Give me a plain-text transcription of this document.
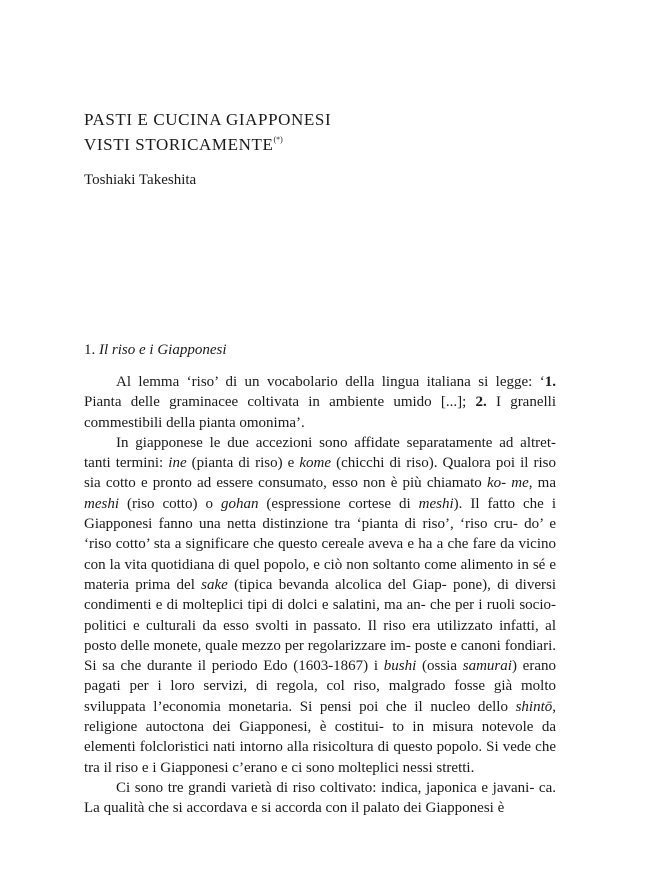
PASTI E CUCINA GIAPPONESI
VISTI STORICAMENTE(*)

Toshiaki Takeshita

1. Il riso e i Giapponesi

Al lemma ‘riso’ di un vocabolario della lingua italiana si legge: ‘1. Pianta delle graminacee coltivata in ambiente umido [...]; 2. I granelli commestibili della pianta omonima’.

In giapponese le due accezioni sono affidate separatamente ad altret- tanti termini: ine (pianta di riso) e kome (chicchi di riso). Qualora poi il riso sia cotto e pronto ad essere consumato, esso non è più chiamato ko- me, ma meshi (riso cotto) o gohan (espressione cortese di meshi). Il fatto che i Giapponesi fanno una netta distinzione tra ‘pianta di riso’, ‘riso cru- do’ e ‘riso cotto’ sta a significare che questo cereale aveva e ha a che fare da vicino con la vita quotidiana di quel popolo, e ciò non soltanto come alimento in sé e materia prima del sake (tipica bevanda alcolica del Giap- pone), di diversi condimenti e di molteplici tipi di dolci e salatini, ma an- che per i ruoli socio-politici e culturali da esso svolti in passato. Il riso era utilizzato infatti, al posto delle monete, quale mezzo per regolarizzare im- poste e canoni fondiari. Si sa che durante il periodo Edo (1603-1867) i bushi (ossia samurai) erano pagati per i loro servizi, di regola, col riso, malgrado fosse già molto sviluppata l’economia monetaria. Si pensi poi che il nucleo dello shintō, religione autoctona dei Giapponesi, è costitui- to in misura notevole da elementi folcloristici nati intorno alla risicoltura di questo popolo. Si vede che tra il riso e i Giapponesi c’erano e ci sono molteplici nessi stretti.

Ci sono tre grandi varietà di riso coltivato: indica, japonica e javani- ca. La qualità che si accordava e si accorda con il palato dei Giapponesi è
